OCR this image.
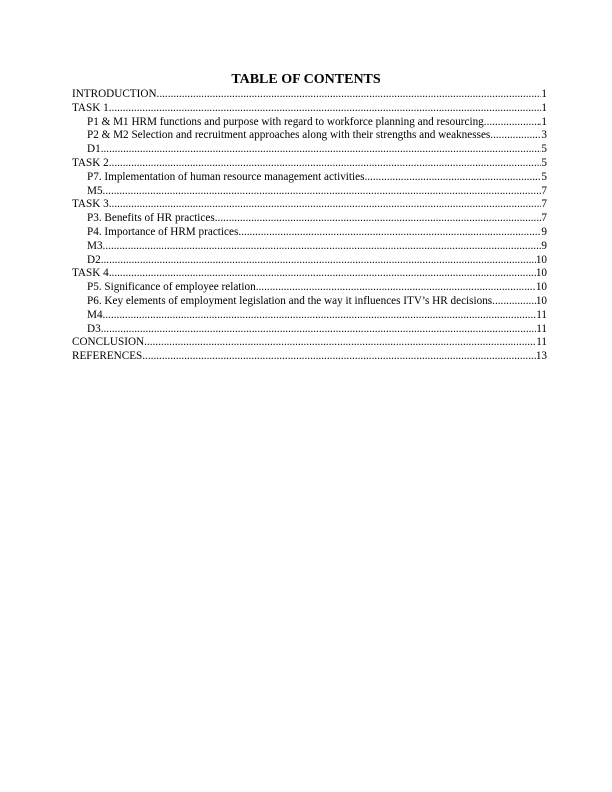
TABLE OF CONTENTS
INTRODUCTION .....	1
TASK 1 .....	1
P1 & M1 HRM functions and purpose with regard to workforce planning and resourcing. .....	.1
P2 & M2 Selection and recruitment approaches along with their strengths and weaknesses .....	3
D1 .....	5
TASK 2 .....	5
P7. Implementation of human resource management activities .....	5
M5 .....	7
TASK 3 .....	7
P3. Benefits of HR practices .....	7
P4. Importance of HRM practices .....	9
M3 .....	9
D2 .....	10
TASK 4 .....	10
P5. Significance of employee relation .....	10
P6. Key elements of employment legislation and the way it influences ITV’s HR decisions .....	10
M4 .....	11
D3 .....	11
CONCLUSION .....	11
REFERENCES .....	13
